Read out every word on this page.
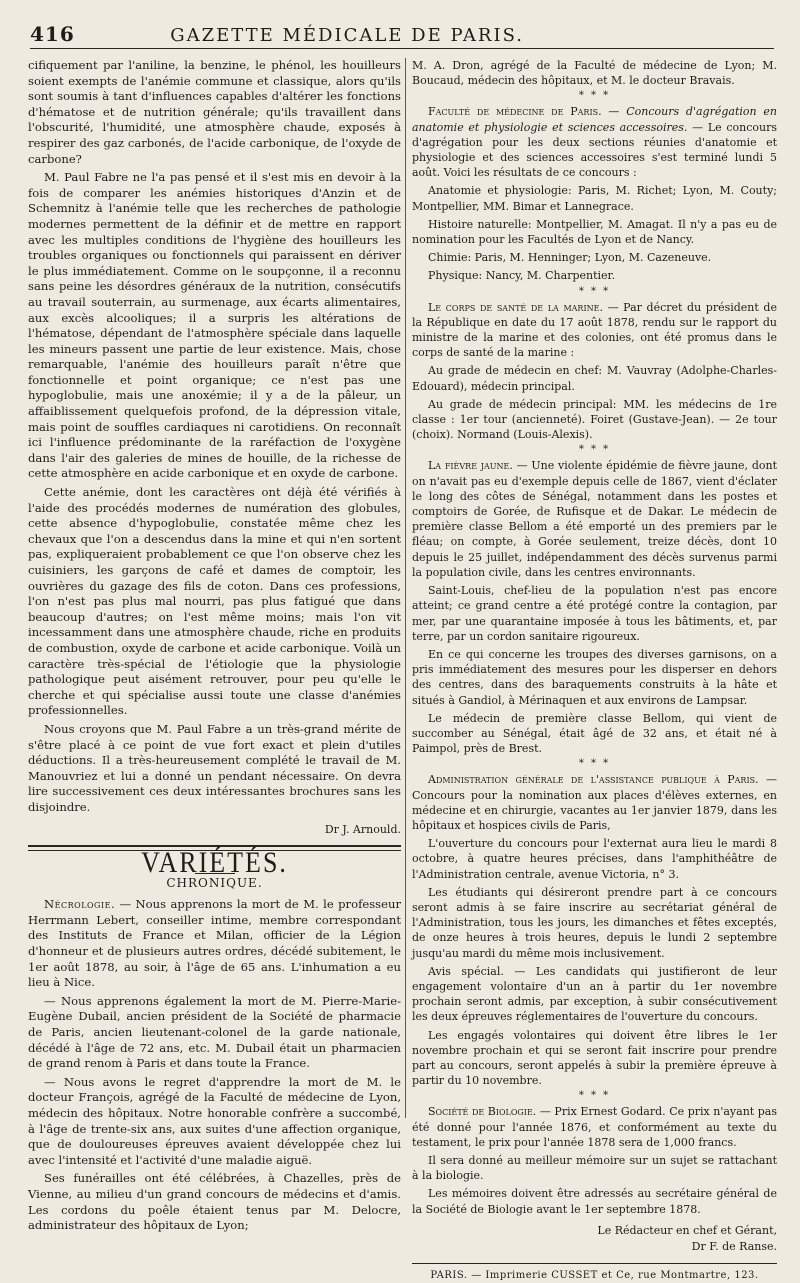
416	GAZETTE MÉDICALE DE PARIS.

cifiquement par l'aniline, la benzine, le phénol, les houilleurs soient exempts de l'anémie commune et classique, alors qu'ils sont soumis à tant d'influences capables d'altérer les fonctions d'hématose et de nutrition générale; qu'ils travaillent dans l'obscurité, l'humidité, une atmosphère chaude, exposés à respirer des gaz carbonés, de l'acide carbonique, de l'oxyde de carbone?

M. Paul Fabre ne l'a pas pensé et il s'est mis en devoir à la fois de comparer les anémies historiques d'Anzin et de Schemnitz à l'anémie telle que les recherches de pathologie modernes permettent de la définir et de mettre en rapport avec les multiples conditions de l'hygiène des houilleurs les troubles organiques ou fonctionnels qui paraissent en dériver le plus immédiatement. Comme on le soupçonne, il a reconnu sans peine les désordres généraux de la nutrition, consécutifs au travail souterrain, au surmenage, aux écarts alimentaires, aux excès alcooliques; il a surpris les altérations de l'hématose, dépendant de l'atmosphère spéciale dans laquelle les mineurs passent une partie de leur existence. Mais, chose remarquable, l'anémie des houilleurs paraît n'être que fonctionnelle et point organique; ce n'est pas une hypoglobulie, mais une anoxémie; il y a de la pâleur, un affaiblissement quelquefois profond, de la dépression vitale, mais point de souffles cardiaques ni carotidiens. On reconnaît ici l'influence prédominante de la raréfaction de l'oxygène dans l'air des galeries de mines de houille, de la richesse de cette atmosphère en acide carbonique et en oxyde de carbone.

Cette anémie, dont les caractères ont déjà été vérifiés à l'aide des procédés modernes de numération des globules, cette absence d'hypoglobulie, constatée même chez les chevaux que l'on a descendus dans la mine et qui n'en sortent pas, expliqueraient probablement ce que l'on observe chez les cuisiniers, les garçons de café et dames de comptoir, les ouvrières du gazage des fils de coton. Dans ces professions, l'on n'est pas plus mal nourri, pas plus fatigué que dans beaucoup d'autres; on l'est même moins; mais l'on vit incessamment dans une atmosphère chaude, riche en produits de combustion, oxyde de carbone et acide carbonique. Voilà un caractère très-spécial de l'étiologie que la physiologie pathologique peut aisément retrouver, pour peu qu'elle le cherche et qui spécialise aussi toute une classe d'anémies professionnelles.

Nous croyons que M. Paul Fabre a un très-grand mérite de s'être placé à ce point de vue fort exact et plein d'utiles déductions. Il a très-heureusement complété le travail de M. Manouvriez et lui a donné un pendant nécessaire. On devra lire successivement ces deux intéressantes brochures sans les disjoindre.

Dr J. Arnould.
VARIÉTÉS.
CHRONIQUE.

Nécrologie. — Nous apprenons la mort de M. le professeur Herrmann Lebert, conseiller intime, membre correspondant des Instituts de France et Milan, officier de la Légion d'honneur et de plusieurs autres ordres, décédé subitement, le 1er août 1878, au soir, à l'âge de 65 ans. L'inhumation a eu lieu à Nice.

— Nous apprenons également la mort de M. Pierre-Marie-Eugène Dubail, ancien président de la Société de pharmacie de Paris, ancien lieutenant-colonel de la garde nationale, décédé à l'âge de 72 ans, etc. M. Dubail était un pharmacien de grand renom à Paris et dans toute la France.

— Nous avons le regret d'apprendre la mort de M. le docteur François, agrégé de la Faculté de médecine de Lyon, médecin des hôpitaux. Notre honorable confrère a succombé, à l'âge de trente-six ans, aux suites d'une affection organique, que de douloureuses épreuves avaient développée chez lui avec l'intensité et l'activité d'une maladie aiguë.

Ses funérailles ont été célébrées, à Chazelles, près de Vienne, au milieu d'un grand concours de médecins et d'amis. Les cordons du poêle étaient tenus par M. Delocre, administrateur des hôpitaux de Lyon;

M. A. Dron, agrégé de la Faculté de médecine de Lyon; M. Boucaud, médecin des hôpitaux, et M. le docteur Bravais.

* * *

Faculté de médecine de Paris. — Concours d'agrégation en anatomie et physiologie et sciences accessoires. — Le concours d'agrégation pour les deux sections réunies d'anatomie et physiologie et des sciences accessoires s'est terminé lundi 5 août. Voici les résultats de ce concours :

Anatomie et physiologie: Paris, M. Richet; Lyon, M. Couty; Montpellier, MM. Bimar et Lannegrace.

Histoire naturelle: Montpellier, M. Amagat. Il n'y a pas eu de nomination pour les Facultés de Lyon et de Nancy.

Chimie: Paris, M. Henninger; Lyon, M. Cazeneuve.

Physique: Nancy, M. Charpentier.

* * *

Le corps de santé de la marine. — Par décret du président de la République en date du 17 août 1878, rendu sur le rapport du ministre de la marine et des colonies, ont été promus dans le corps de santé de la marine :

Au grade de médecin en chef: M. Vauvray (Adolphe-Charles-Edouard), médecin principal.

Au grade de médecin principal: MM. les médecins de 1re classe : 1er tour (ancienneté). Foiret (Gustave-Jean). — 2e tour (choix). Normand (Louis-Alexis).

* * *

La fièvre jaune. — Une violente épidémie de fièvre jaune, dont on n'avait pas eu d'exemple depuis celle de 1867, vient d'éclater le long des côtes de Sénégal, notamment dans les postes et comptoirs de Gorée, de Rufisque et de Dakar. Le médecin de première classe Bellom a été emporté un des premiers par le fléau; on compte, à Gorée seulement, treize décès, dont 10 depuis le 25 juillet, indépendamment des décès survenus parmi la population civile, dans les centres environnants.

Saint-Louis, chef-lieu de la population n'est pas encore atteint; ce grand centre a été protégé contre la contagion, par mer, par une quarantaine imposée à tous les bâtiments, et, par terre, par un cordon sanitaire rigoureux.

En ce qui concerne les troupes des diverses garnisons, on a pris immédiatement des mesures pour les disperser en dehors des centres, dans des baraquements construits à la hâte et situés à Gandiol, à Mérinaquen et aux environs de Lampsar.

Le médecin de première classe Bellom, qui vient de succomber au Sénégal, était âgé de 32 ans, et était né à Paimpol, près de Brest.

* * *

Administration générale de l'assistance publique à Paris. — Concours pour la nomination aux places d'élèves externes, en médecine et en chirurgie, vacantes au 1er janvier 1879, dans les hôpitaux et hospices civils de Paris,

L'ouverture du concours pour l'externat aura lieu le mardi 8 octobre, à quatre heures précises, dans l'amphithéâtre de l'Administration centrale, avenue Victoria, n° 3.

Les étudiants qui désireront prendre part à ce concours seront admis à se faire inscrire au secrétariat général de l'Administration, tous les jours, les dimanches et fêtes exceptés, de onze heures à trois heures, depuis le lundi 2 septembre jusqu'au mardi du même mois inclusivement.

Avis spécial. — Les candidats qui justifieront de leur engagement volontaire d'un an à partir du 1er novembre prochain seront admis, par exception, à subir consécutivement les deux épreuves réglementaires de l'ouverture du concours.

Les engagés volontaires qui doivent être libres le 1er novembre prochain et qui se seront fait inscrire pour prendre part au concours, seront appelés à subir la première épreuve à partir du 10 novembre.

* * *

Société de Biologie. — Prix Ernest Godard. Ce prix n'ayant pas été donné pour l'année 1876, et conformément au texte du testament, le prix pour l'année 1878 sera de 1,000 francs.

Il sera donné au meilleur mémoire sur un sujet se rattachant à la biologie.

Les mémoires doivent être adressés au secrétaire général de la Société de Biologie avant le 1er septembre 1878.

Le Rédacteur en chef et Gérant,
Dr F. de Ranse.
PARIS. — Imprimerie CUSSET et Ce, rue Montmartre, 123.
